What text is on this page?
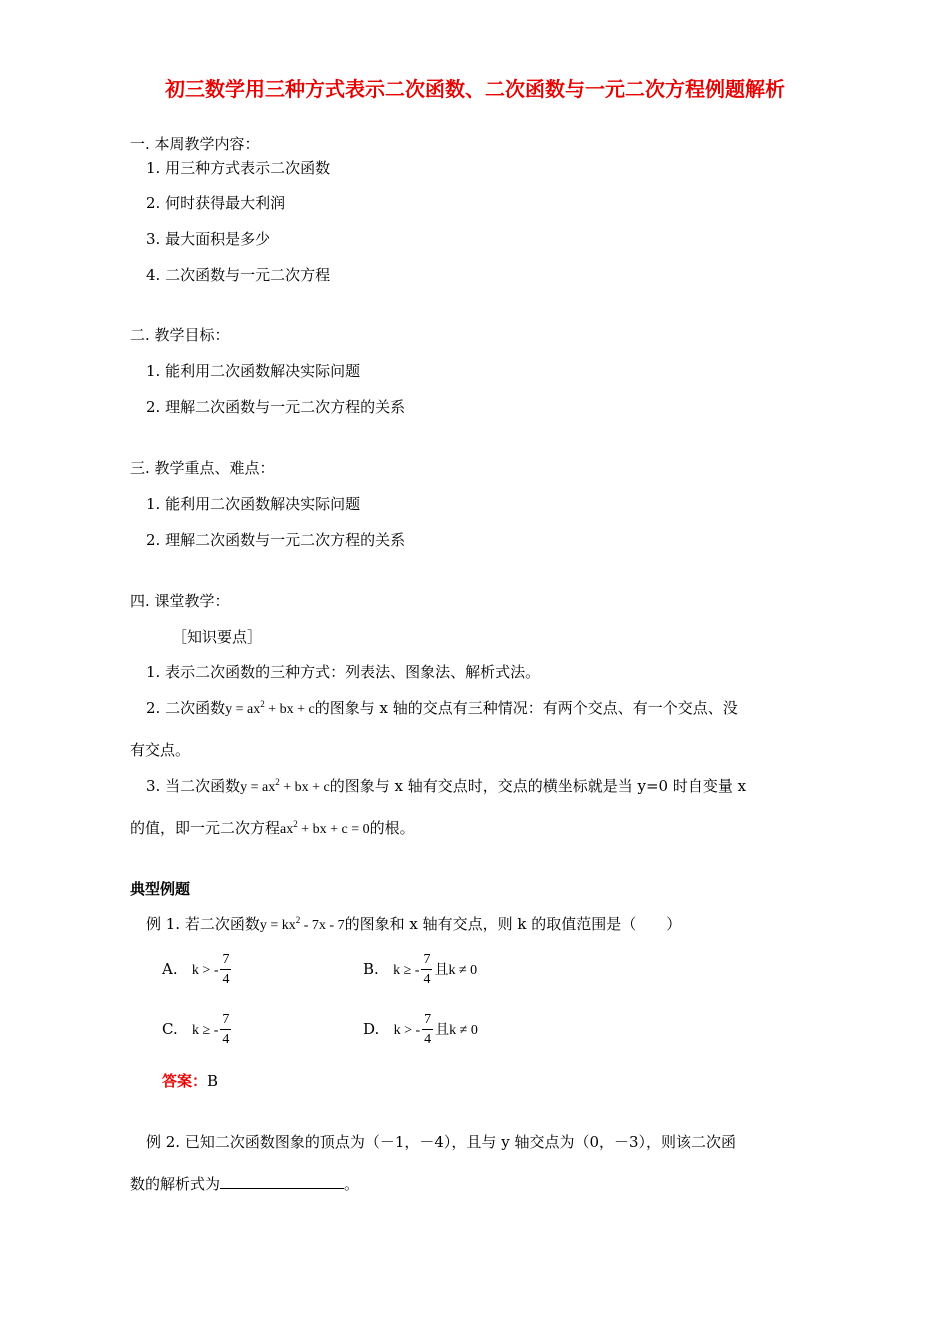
初三数学用三种方式表示二次函数、二次函数与一元二次方程例题解析
一. 本周教学内容：
1. 用三种方式表示二次函数
2. 何时获得最大利润
3. 最大面积是多少
4. 二次函数与一元二次方程
二. 教学目标：
1. 能利用二次函数解决实际问题
2. 理解二次函数与一元二次方程的关系
三. 教学重点、难点：
1. 能利用二次函数解决实际问题
2. 理解二次函数与一元二次方程的关系
四. 课堂教学：
［知识要点］
1. 表示二次函数的三种方式：列表法、图象法、解析式法。
2. 二次函数$y = ax^2$ + bx + c的图象与 x 轴的交点有三种情况：有两个交点、有一个交点、没
有交点。
3. 当二次函数$y = ax^2$ + bx + c的图象与 x 轴有交点时，交点的横坐标就是当 y=0 时自变量 x
的值，即一元二次方程$ax^2$ + bx + c = 0的根。
典型例题
例 1. 若二次函数$y = kx^2 - 7x - 7$的图象和 x 轴有交点，则 k 的取值范围是（　　）
A. k > - $\frac{7}{4}$	B. k ≥ - $\frac{7}{4}$ 且k ≠ 0
C. k ≥ - $\frac{7}{4}$	D. k > - $\frac{7}{4}$ 且k ≠ 0
答案：B
例 2. 已知二次函数图象的顶点为（－1，－4），且与 y 轴交点为（0，－3），则该二次函
数的解析式为	。
